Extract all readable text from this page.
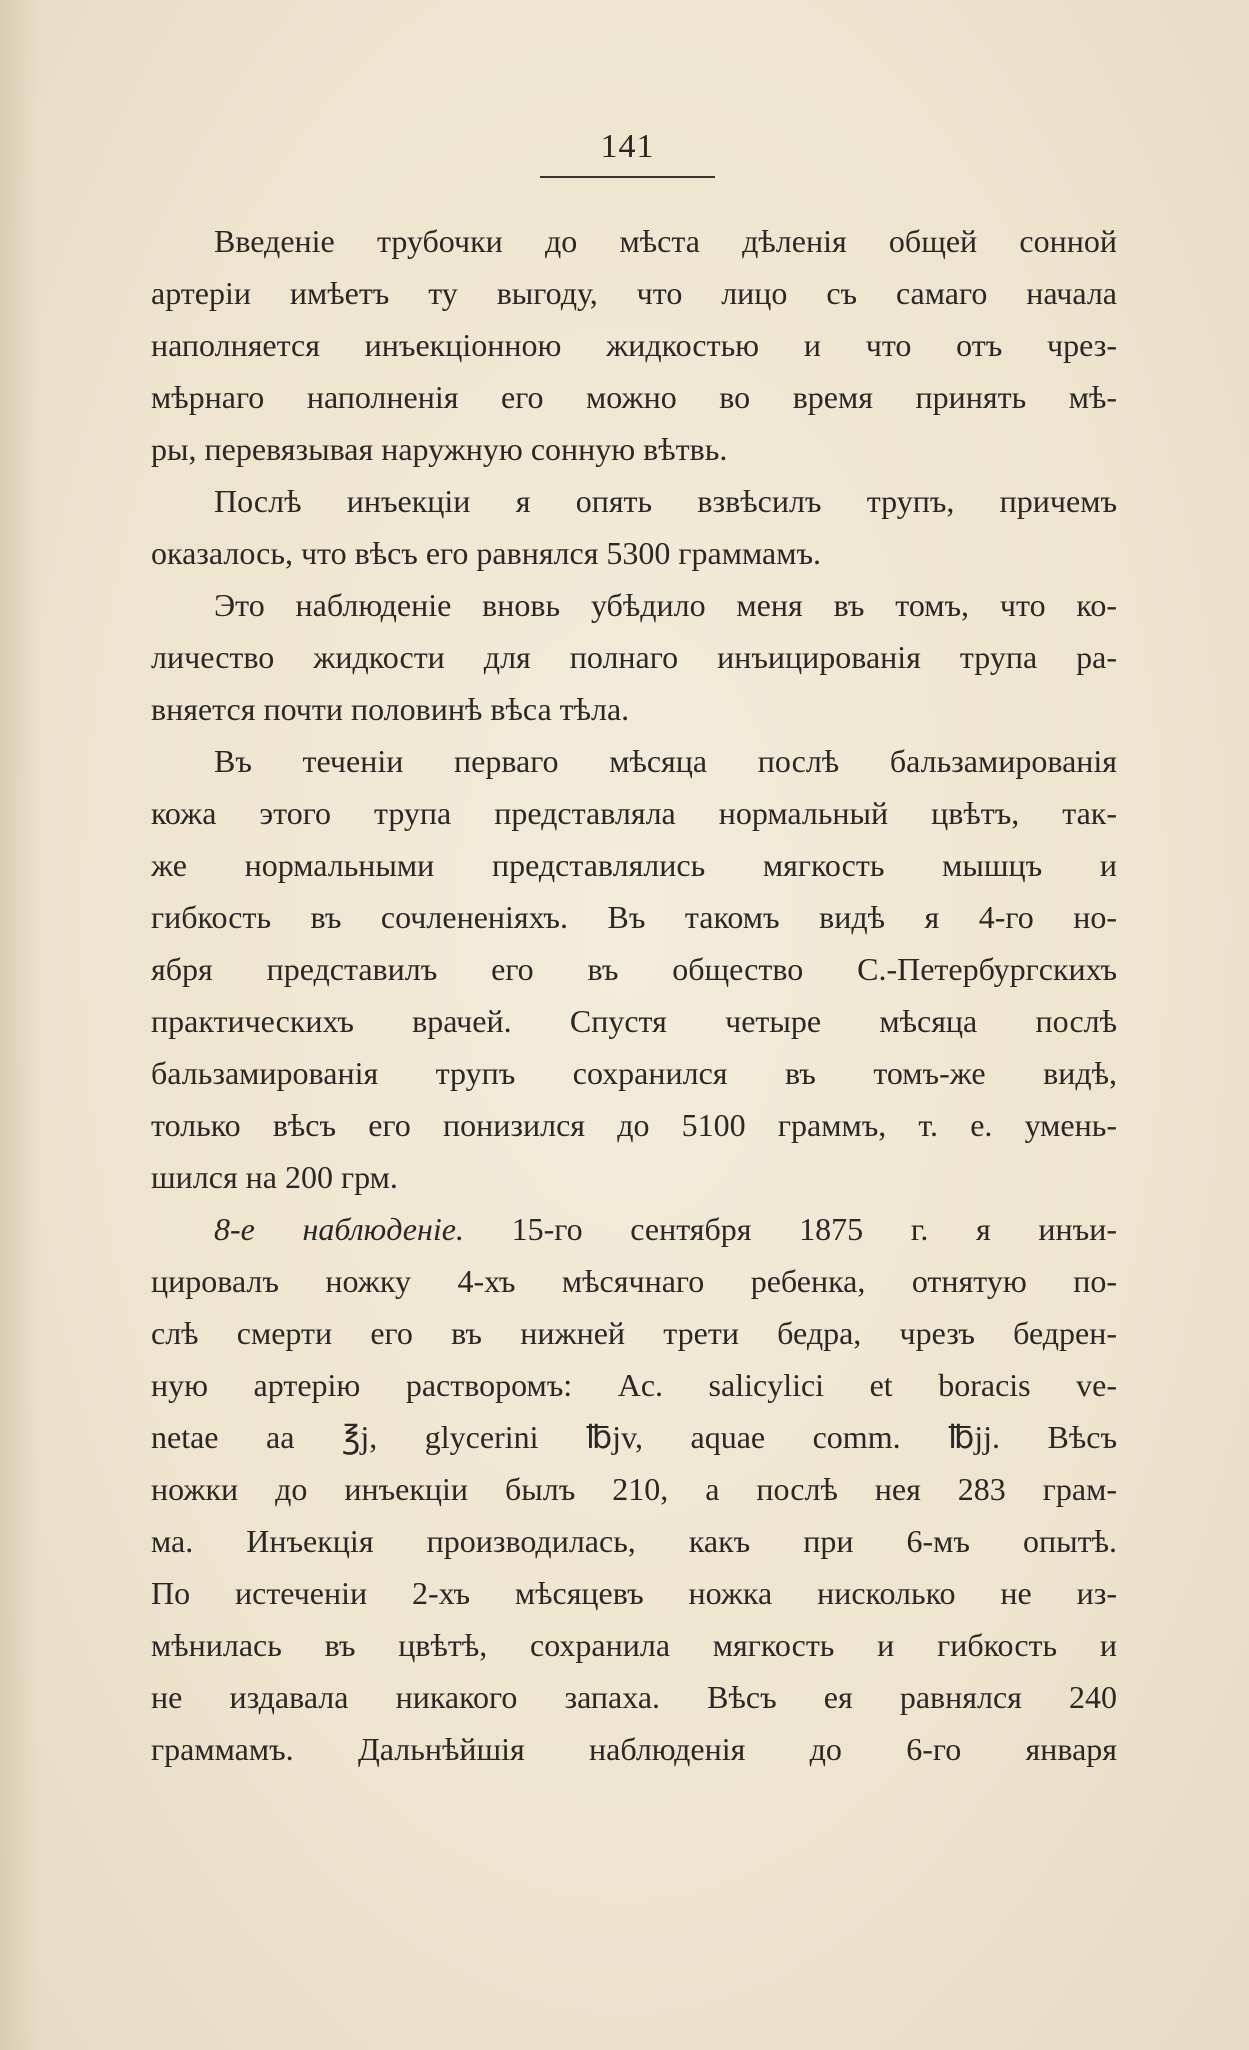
141
Введеніе трубочки до мѣста дѣленія общей сонной
артеріи имѣетъ ту выгоду, что лицо съ самаго начала
наполняется инъекціонною жидкостью и что отъ чрез-
мѣрнаго наполненія его можно во время принять мѣ-
ры, перевязывая наружную сонную вѣтвь.
Послѣ инъекціи я опять взвѣсилъ трупъ, причемъ
оказалось, что вѣсъ его равнялся 5300 граммамъ.
Это наблюденіе вновь убѣдило меня въ томъ, что ко-
личество жидкости для полнаго инъицированія трупа ра-
вняется почти половинѣ вѣса тѣла.
Въ теченіи перваго мѣсяца послѣ бальзамированія
кожа этого трупа представляла нормальный цвѣтъ, так-
же нормальными представлялись мягкость мышцъ и
гибкость въ сочлененіяхъ. Въ такомъ видѣ я 4-го но-
ября представилъ его въ общество С.-Петербургскихъ
практическихъ врачей. Спустя четыре мѣсяца послѣ
бальзамированія трупъ сохранился въ томъ-же видѣ,
только вѣсъ его понизился до 5100 граммъ, т. е. умень-
шился на 200 грм.
8-е наблюденіе. 15-го сентября 1875 г. я инъи-
цировалъ ножку 4-хъ мѣсячнаго ребенка, отнятую по-
слѣ смерти его въ нижней трети бедра, чрезъ бедрен-
ную артерію растворомъ: Ac. salicylici et boracis ve-
netae aa ℥j, glycerini ℔jv, aquae comm. ℔jj. Вѣсъ
ножки до инъекціи былъ 210, а послѣ нея 283 грам-
ма. Инъекція производилась, какъ при 6-мъ опытѣ.
По истеченіи 2-хъ мѣсяцевъ ножка нисколько не из-
мѣнилась въ цвѣтѣ, сохранила мягкость и гибкость и
не издавала никакого запаха. Вѣсъ ея равнялся 240
граммамъ. Дальнѣйшія наблюденія до 6-го января
